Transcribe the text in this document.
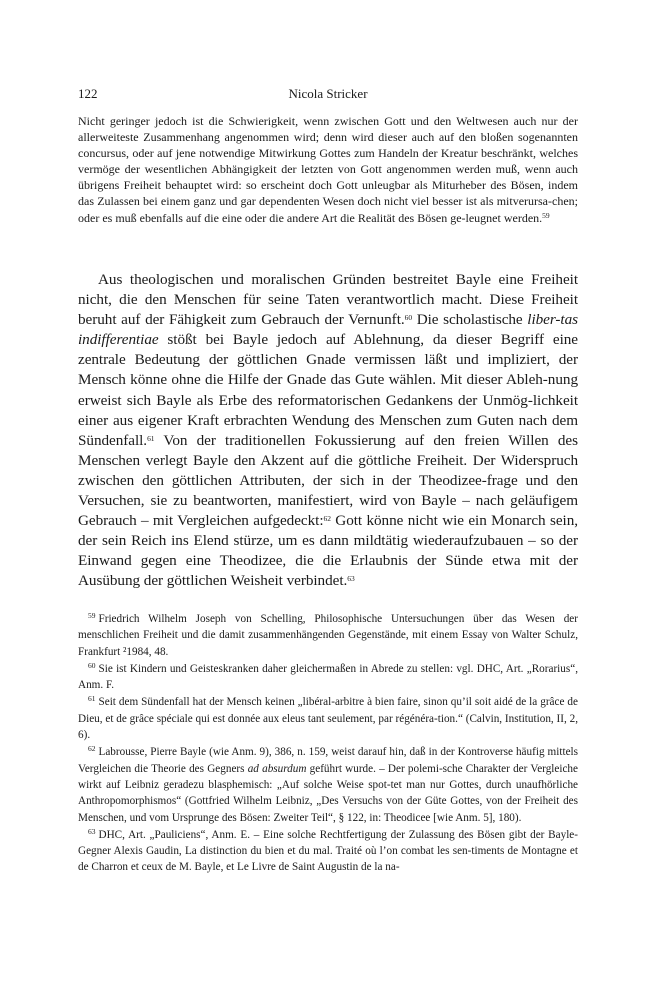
122	Nicola Stricker

Nicht geringer jedoch ist die Schwierigkeit, wenn zwischen Gott und den Weltwesen auch nur der allerweiteste Zusammenhang angenommen wird; denn wird dieser auch auf den bloßen sogenannten concursus, oder auf jene notwendige Mitwirkung Gottes zum Handeln der Kreatur beschränkt, welches vermöge der wesentlichen Abhängigkeit der letzten von Gott angenommen werden muß, wenn auch übrigens Freiheit behauptet wird: so erscheint doch Gott unleugbar als Miturheber des Bösen, indem das Zulassen bei einem ganz und gar dependenten Wesen doch nicht viel besser ist als mitverursa-chen; oder es muß ebenfalls auf die eine oder die andere Art die Realität des Bösen ge-leugnet werden.$^{59}$

Aus theologischen und moralischen Gründen bestreitet Bayle eine Freiheit nicht, die den Menschen für seine Taten verantwortlich macht. Diese Freiheit beruht auf der Fähigkeit zum Gebrauch der Vernunft.$^{60}$ Die scholastische liber-tas indifferentiae stößt bei Bayle jedoch auf Ablehnung, da dieser Begriff eine zentrale Bedeutung der göttlichen Gnade vermissen läßt und impliziert, der Mensch könne ohne die Hilfe der Gnade das Gute wählen. Mit dieser Ableh-nung erweist sich Bayle als Erbe des reformatorischen Gedankens der Unmög-lichkeit einer aus eigener Kraft erbrachten Wendung des Menschen zum Guten nach dem Sündenfall.$^{61}$ Von der traditionellen Fokussierung auf den freien Willen des Menschen verlegt Bayle den Akzent auf die göttliche Freiheit. Der Widerspruch zwischen den göttlichen Attributen, der sich in der Theodizee-frage und den Versuchen, sie zu beantworten, manifestiert, wird von Bayle – nach geläufigem Gebrauch – mit Vergleichen aufgedeckt:$^{62}$ Gott könne nicht wie ein Monarch sein, der sein Reich ins Elend stürze, um es dann mildtätig wiederaufzubauen – so der Einwand gegen eine Theodizee, die die Erlaubnis der Sünde etwa mit der Ausübung der göttlichen Weisheit verbindet.$^{63}$

$^{59}$ Friedrich Wilhelm Joseph von Schelling, Philosophische Untersuchungen über das Wesen der menschlichen Freiheit und die damit zusammenhängenden Gegenstände, mit einem Essay von Walter Schulz, Frankfurt ²1984, 48.

$^{60}$ Sie ist Kindern und Geisteskranken daher gleichermaßen in Abrede zu stellen: vgl. DHC, Art. „Rorarius“, Anm. F.

$^{61}$ Seit dem Sündenfall hat der Mensch keinen „libéral-arbitre à bien faire, sinon qu’il soit aidé de la grâce de Dieu, et de grâce spéciale qui est donnée aux eleus tant seulement, par régénéra-tion.“ (Calvin, Institution, II, 2, 6).

$^{62}$ Labrousse, Pierre Bayle (wie Anm. 9), 386, n. 159, weist darauf hin, daß in der Kontroverse häufig mittels Vergleichen die Theorie des Gegners ad absurdum geführt wurde. – Der polemi-sche Charakter der Vergleiche wirkt auf Leibniz geradezu blasphemisch: „Auf solche Weise spot-tet man nur Gottes, durch unaufhörliche Anthropomorphismos“ (Gottfried Wilhelm Leibniz, „Des Versuchs von der Güte Gottes, von der Freiheit des Menschen, und vom Ursprunge des Bösen: Zweiter Teil“, § 122, in: Theodicee [wie Anm. 5], 180).

$^{63}$ DHC, Art. „Pauliciens“, Anm. E. – Eine solche Rechtfertigung der Zulassung des Bösen gibt der Bayle-Gegner Alexis Gaudin, La distinction du bien et du mal. Traité où l’on combat les sen-timents de Montagne et de Charron et ceux de M. Bayle, et Le Livre de Saint Augustin de la na-
